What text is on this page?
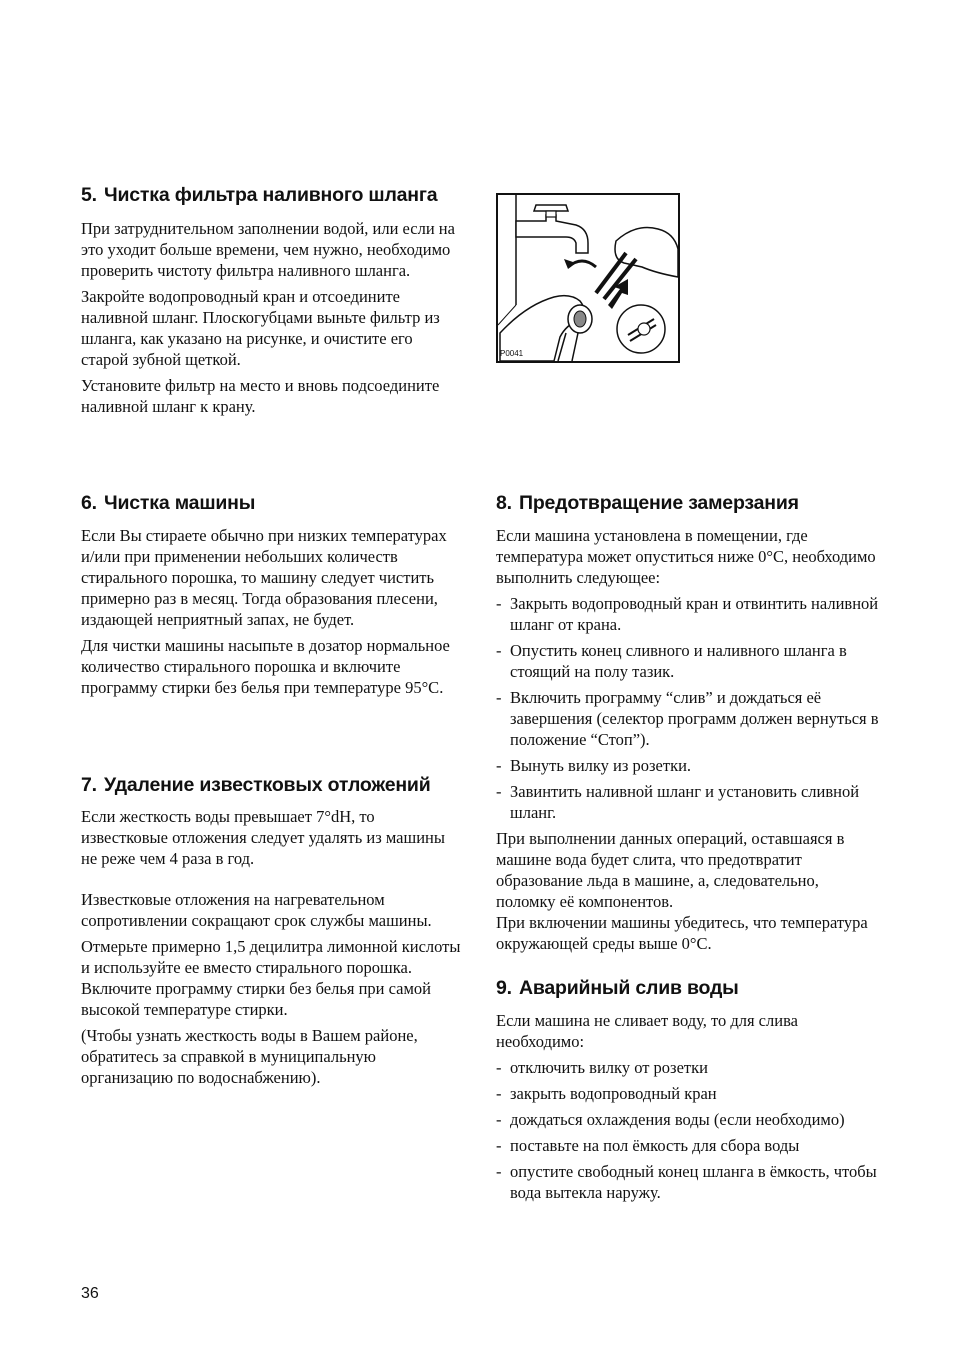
5. Чистка фильтра наливного шланга

При затруднительном заполнении водой, или если на это уходит больше времени, чем нужно, необходимо проверить чистоту фильтра наливного шланга.

Закройте водопроводный кран и отсоедините наливной шланг. Плоскогубцами выньте фильтр из шланга, как указано на рисунке, и очистите его старой зубной щеткой.

Установите фильтр на место и вновь подсоедините наливной шланг к крану.

6. Чистка машины

Если Вы стираете обычно при низких температурах и/или при применении небольших количеств стирального порошка, то машину следует чистить примерно раз в месяц. Тогда образования плесени, издающей неприятный запах, не будет.

Для чистки машины насыпьте в дозатор нормальное количество стирального порошка и включите программу стирки без белья при температуре 95°С.

7. Удаление известковых отложений

Если жесткость воды превышает 7°dH, то известковые отложения следует удалять из машины не реже чем 4 раза в год.

Известковые отложения на нагревательном сопротивлении сокращают срок службы машины.

Отмерьте примерно 1,5 децилитра лимонной кислоты и используйте ее вместо стирального порошка. Включите программу стирки без белья при самой высокой температуре стирки.

(Чтобы узнать жесткость воды в Вашем районе, обратитесь за справкой в муниципальную организацию по водоснабжению).

P0041
8. Предотвращение замерзания

Если машина установлена в помещении, где температура может опуститься ниже 0°С, необходимо выполнить следующее:

- Закрыть водопроводный кран и отвинтить наливной шланг от крана.
- Опустить конец сливного и наливного шланга в стоящий на полу тазик.
- Включить программу “слив” и дождаться её завершения (селектор программ должен вернуться в положение “Стоп”).
- Вынуть вилку из розетки.
- Завинтить наливной шланг и установить сливной шланг.

При выполнении данных операций, оставшаяся в машине вода будет слита, что предотвратит образование льда в машине, а, следовательно, поломку её компонентов.

При включении машины убедитесь, что температура окружающей среды выше 0°С.

9. Аварийный слив воды

Если машина не сливает воду, то для слива необходимо:

- отключить вилку от розетки
- закрыть водопроводный кран
- дождаться охлаждения воды (если необходимо)
- поставьте на пол ёмкость для сбора воды
- опустите свободный конец шланга в ёмкость, чтобы вода вытекла наружу.
36
